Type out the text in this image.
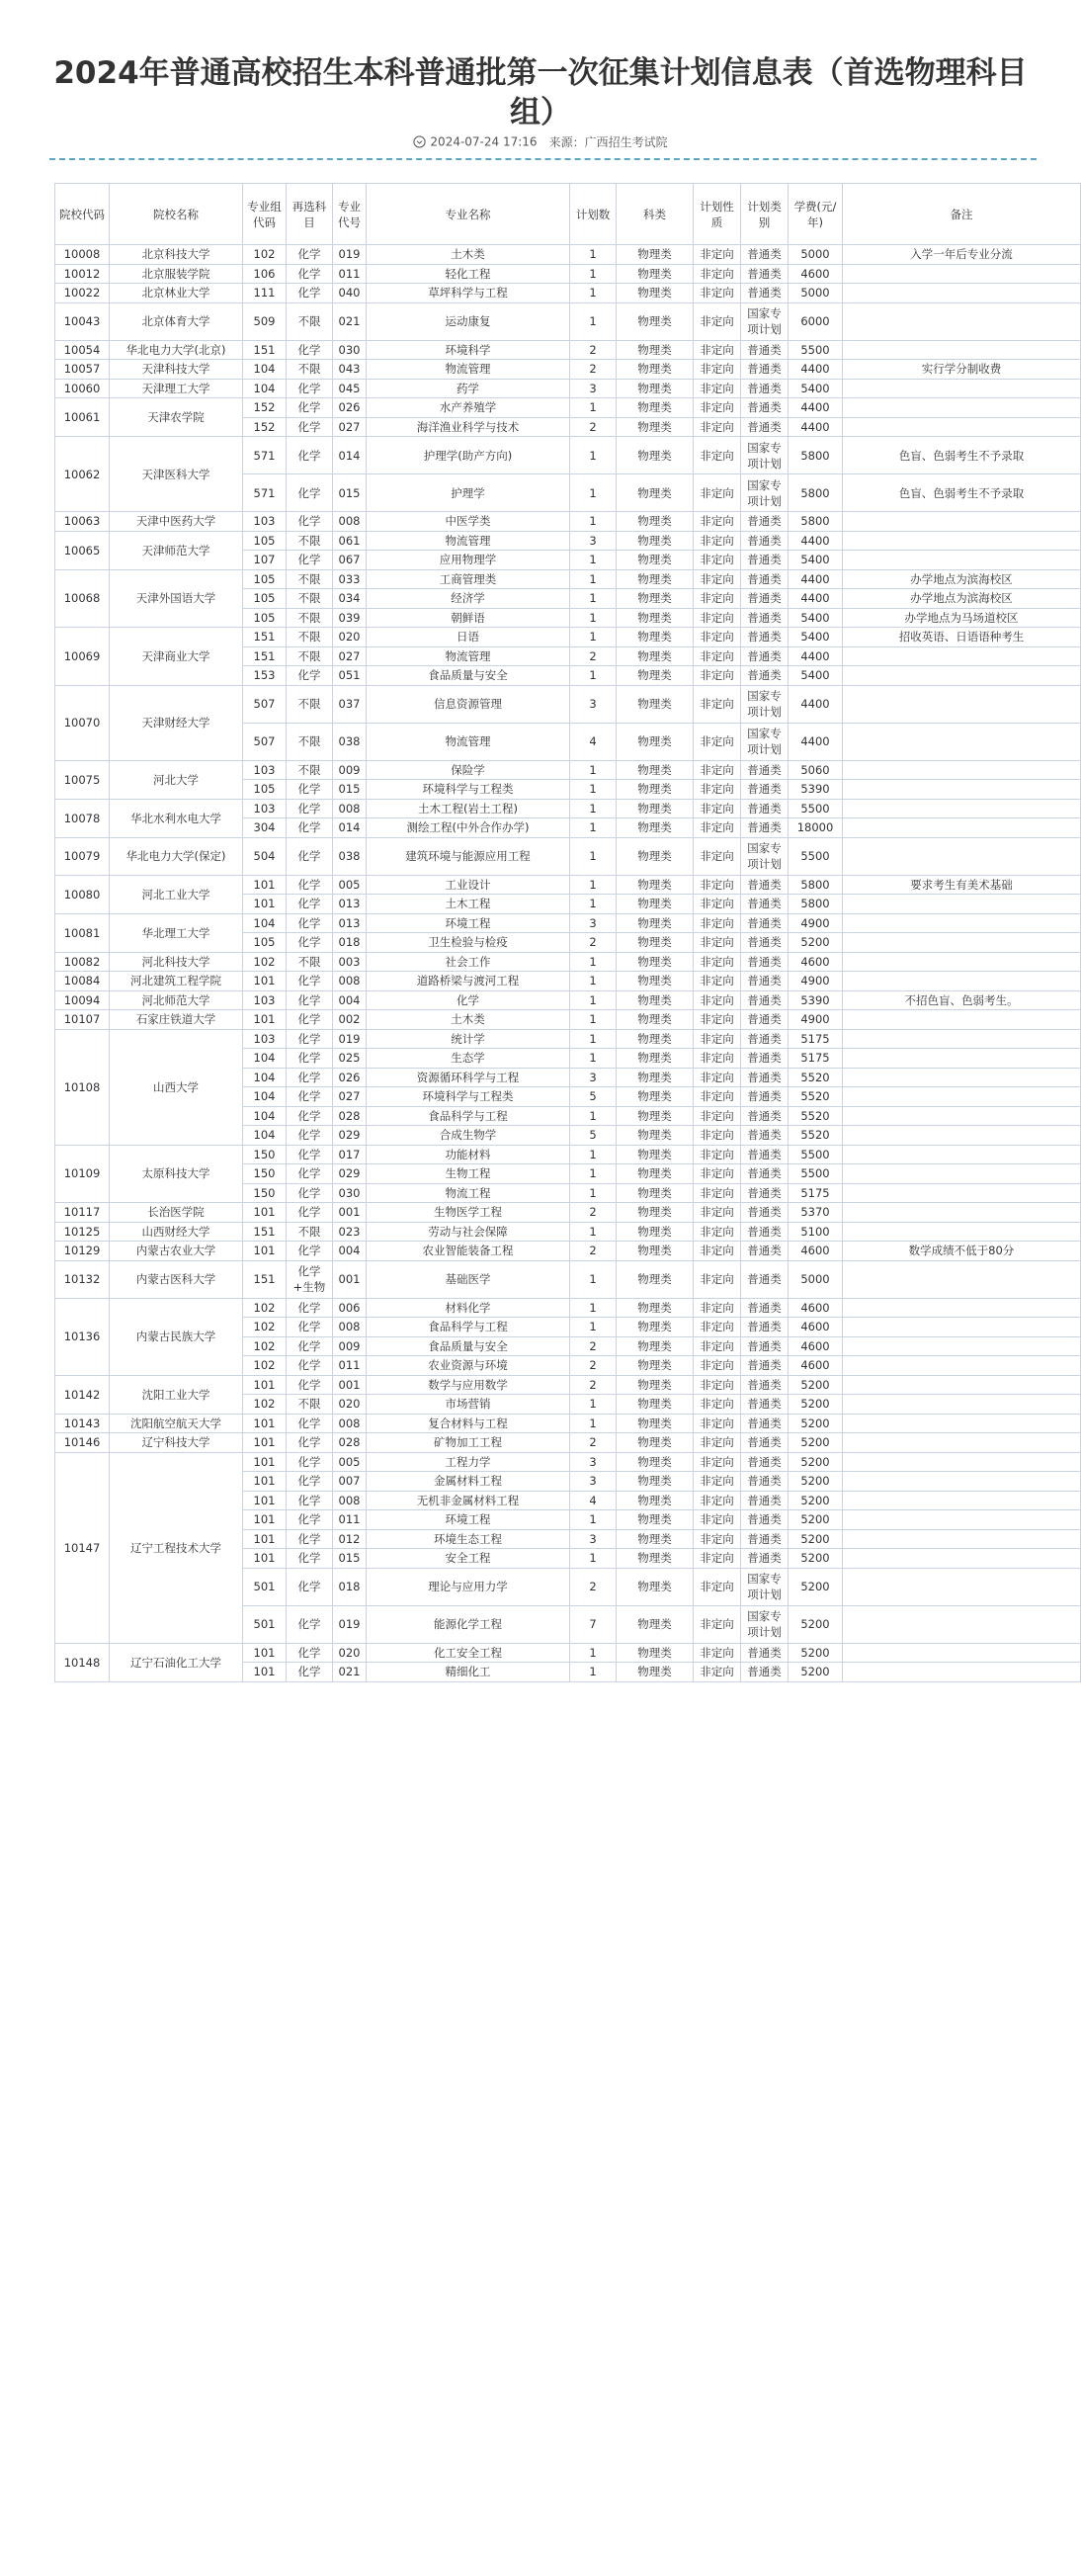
2024年普通高校招生本科普通批第一次征集计划信息表（首选物理科目组）
2024-07-24 17:16 来源：广西招生考试院
院校代码	院校名称	专业组代码	再选科目	专业代号	专业名称	计划数	科类	计划性质	计划类别	学费(元/年)	备注
10008	北京科技大学	102	化学	019	土木类	1	物理类	非定向	普通类	5000	入学一年后专业分流
10012	北京服装学院	106	化学	011	轻化工程	1	物理类	非定向	普通类	4600	
10022	北京林业大学	111	化学	040	草坪科学与工程	1	物理类	非定向	普通类	5000	
10043	北京体育大学	509	不限	021	运动康复	1	物理类	非定向	国家专项计划	6000	
10054	华北电力大学(北京)	151	化学	030	环境科学	2	物理类	非定向	普通类	5500	
10057	天津科技大学	104	不限	043	物流管理	2	物理类	非定向	普通类	4400	实行学分制收费
10060	天津理工大学	104	化学	045	药学	3	物理类	非定向	普通类	5400	
10061	天津农学院	152	化学	026	水产养殖学	1	物理类	非定向	普通类	4400	
		152	化学	027	海洋渔业科学与技术	2	物理类	非定向	普通类	4400	
10062	天津医科大学	571	化学	014	护理学(助产方向)	1	物理类	非定向	国家专项计划	5800	色盲、色弱考生不予录取
		571	化学	015	护理学	1	物理类	非定向	国家专项计划	5800	色盲、色弱考生不予录取
10063	天津中医药大学	103	化学	008	中医学类	1	物理类	非定向	普通类	5800	
10065	天津师范大学	105	不限	061	物流管理	3	物理类	非定向	普通类	4400	
		107	化学	067	应用物理学	1	物理类	非定向	普通类	5400	
10068	天津外国语大学	105	不限	033	工商管理类	1	物理类	非定向	普通类	4400	办学地点为滨海校区
		105	不限	034	经济学	1	物理类	非定向	普通类	4400	办学地点为滨海校区
		105	不限	039	朝鲜语	1	物理类	非定向	普通类	5400	办学地点为马场道校区
10069	天津商业大学	151	不限	020	日语	1	物理类	非定向	普通类	5400	招收英语、日语语种考生
		151	不限	027	物流管理	2	物理类	非定向	普通类	4400	
		153	化学	051	食品质量与安全	1	物理类	非定向	普通类	5400	
10070	天津财经大学	507	不限	037	信息资源管理	3	物理类	非定向	国家专项计划	4400	
		507	不限	038	物流管理	4	物理类	非定向	国家专项计划	4400	
10075	河北大学	103	不限	009	保险学	1	物理类	非定向	普通类	5060	
		105	化学	015	环境科学与工程类	1	物理类	非定向	普通类	5390	
10078	华北水利水电大学	103	化学	008	土木工程(岩土工程)	1	物理类	非定向	普通类	5500	
		304	化学	014	测绘工程(中外合作办学)	1	物理类	非定向	普通类	18000	
10079	华北电力大学(保定)	504	化学	038	建筑环境与能源应用工程	1	物理类	非定向	国家专项计划	5500	
10080	河北工业大学	101	化学	005	工业设计	1	物理类	非定向	普通类	5800	要求考生有美术基础
		101	化学	013	土木工程	1	物理类	非定向	普通类	5800	
10081	华北理工大学	104	化学	013	环境工程	3	物理类	非定向	普通类	4900	
		105	化学	018	卫生检验与检疫	2	物理类	非定向	普通类	5200	
10082	河北科技大学	102	不限	003	社会工作	1	物理类	非定向	普通类	4600	
10084	河北建筑工程学院	101	化学	008	道路桥梁与渡河工程	1	物理类	非定向	普通类	4900	
10094	河北师范大学	103	化学	004	化学	1	物理类	非定向	普通类	5390	不招色盲、色弱考生。
10107	石家庄铁道大学	101	化学	002	土木类	1	物理类	非定向	普通类	4900	
10108	山西大学	103	化学	019	统计学	1	物理类	非定向	普通类	5175	
		104	化学	025	生态学	1	物理类	非定向	普通类	5175	
		104	化学	026	资源循环科学与工程	3	物理类	非定向	普通类	5520	
		104	化学	027	环境科学与工程类	5	物理类	非定向	普通类	5520	
		104	化学	028	食品科学与工程	1	物理类	非定向	普通类	5520	
		104	化学	029	合成生物学	5	物理类	非定向	普通类	5520	
10109	太原科技大学	150	化学	017	功能材料	1	物理类	非定向	普通类	5500	
		150	化学	029	生物工程	1	物理类	非定向	普通类	5500	
		150	化学	030	物流工程	1	物理类	非定向	普通类	5175	
10117	长治医学院	101	化学	001	生物医学工程	2	物理类	非定向	普通类	5370	
10125	山西财经大学	151	不限	023	劳动与社会保障	1	物理类	非定向	普通类	5100	
10129	内蒙古农业大学	101	化学	004	农业智能装备工程	2	物理类	非定向	普通类	4600	数学成绩不低于80分
10132	内蒙古医科大学	151	化学+生物	001	基础医学	1	物理类	非定向	普通类	5000	
10136	内蒙古民族大学	102	化学	006	材料化学	1	物理类	非定向	普通类	4600	
		102	化学	008	食品科学与工程	1	物理类	非定向	普通类	4600	
		102	化学	009	食品质量与安全	2	物理类	非定向	普通类	4600	
		102	化学	011	农业资源与环境	2	物理类	非定向	普通类	4600	
10142	沈阳工业大学	101	化学	001	数学与应用数学	2	物理类	非定向	普通类	5200	
		102	不限	020	市场营销	1	物理类	非定向	普通类	5200	
10143	沈阳航空航天大学	101	化学	008	复合材料与工程	1	物理类	非定向	普通类	5200	
10146	辽宁科技大学	101	化学	028	矿物加工工程	2	物理类	非定向	普通类	5200	
10147	辽宁工程技术大学	101	化学	005	工程力学	3	物理类	非定向	普通类	5200	
		101	化学	007	金属材料工程	3	物理类	非定向	普通类	5200	
		101	化学	008	无机非金属材料工程	4	物理类	非定向	普通类	5200	
		101	化学	011	环境工程	1	物理类	非定向	普通类	5200	
		101	化学	012	环境生态工程	3	物理类	非定向	普通类	5200	
		101	化学	015	安全工程	1	物理类	非定向	普通类	5200	
		501	化学	018	理论与应用力学	2	物理类	非定向	国家专项计划	5200	
		501	化学	019	能源化学工程	7	物理类	非定向	国家专项计划	5200	
10148	辽宁石油化工大学	101	化学	020	化工安全工程	1	物理类	非定向	普通类	5200	
		101	化学	021	精细化工	1	物理类	非定向	普通类	5200	
